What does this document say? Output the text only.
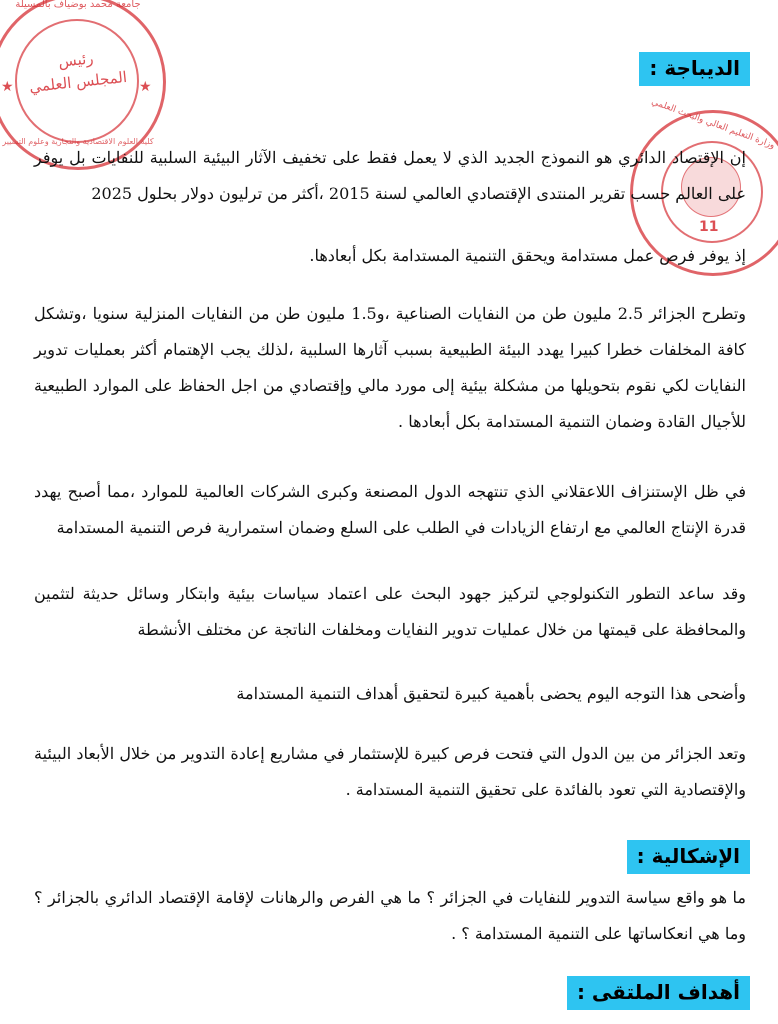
جامعة محمد بوضياف بالمسيلة
رئيس
المجلس العلمي
★	★
كلية العلوم الاقتصادية والتجارية وعلوم التسيير	وزارة التعليم العالي والبحث العلمي
11
الديباجة :

إن الإقتصاد الدائري هو النموذج الجديد الذي لا يعمل فقط على تخفيف الآثار البيئية السلبية للنفايات بل يوفر على العالم حسب تقرير المنتدى الإقتصادي العالمي لسنة 2015 ،أكثر من ترليون دولار بحلول 2025

إذ يوفر فرص عمل مستدامة ويحقق التنمية المستدامة بكل أبعادها.

وتطرح الجزائر 2.5 مليون طن من النفايات الصناعية ،و1.5 مليون طن من النفايات المنزلية سنويا ،وتشكل كافة المخلفات خطرا كبيرا يهدد البيئة الطبيعية بسبب آثارها السلبية ،لذلك يجب الإهتمام أكثر بعمليات تدوير النفايات لكي نقوم بتحويلها من مشكلة بيئية إلى مورد مالي وإقتصادي من اجل الحفاظ على الموارد الطبيعية للأجيال القادة وضمان التنمية المستدامة بكل أبعادها .

في ظل الإستنزاف اللاعقلاني الذي تنتهجه الدول المصنعة وكبرى الشركات العالمية للموارد ،مما أصبح يهدد قدرة الإنتاج العالمي مع ارتفاع الزيادات في الطلب على السلع وضمان استمرارية فرص التنمية المستدامة

وقد ساعد التطور التكنولوجي لتركيز جهود البحث على اعتماد سياسات بيئية وابتكار وسائل حديثة لتثمين والمحافظة على قيمتها من خلال عمليات تدوير النفايات ومخلفات الناتجة عن مختلف الأنشطة

وأضحى هذا التوجه اليوم يحضى بأهمية كبيرة لتحقيق أهداف التنمية المستدامة

وتعد الجزائر من بين الدول التي فتحت فرص كبيرة للإستثمار في مشاريع إعادة التدوير من خلال الأبعاد البيئية والإقتصادية التي تعود بالفائدة على تحقيق التنمية المستدامة .

الإشكالية :

ما هو واقع سياسة التدوير للنفايات في الجزائر ؟ ما هي الفرص والرهانات لإقامة الإقتصاد الدائري بالجزائر ؟ وما هي انعكاساتها على التنمية المستدامة ؟ .

أهداف الملتقى :
